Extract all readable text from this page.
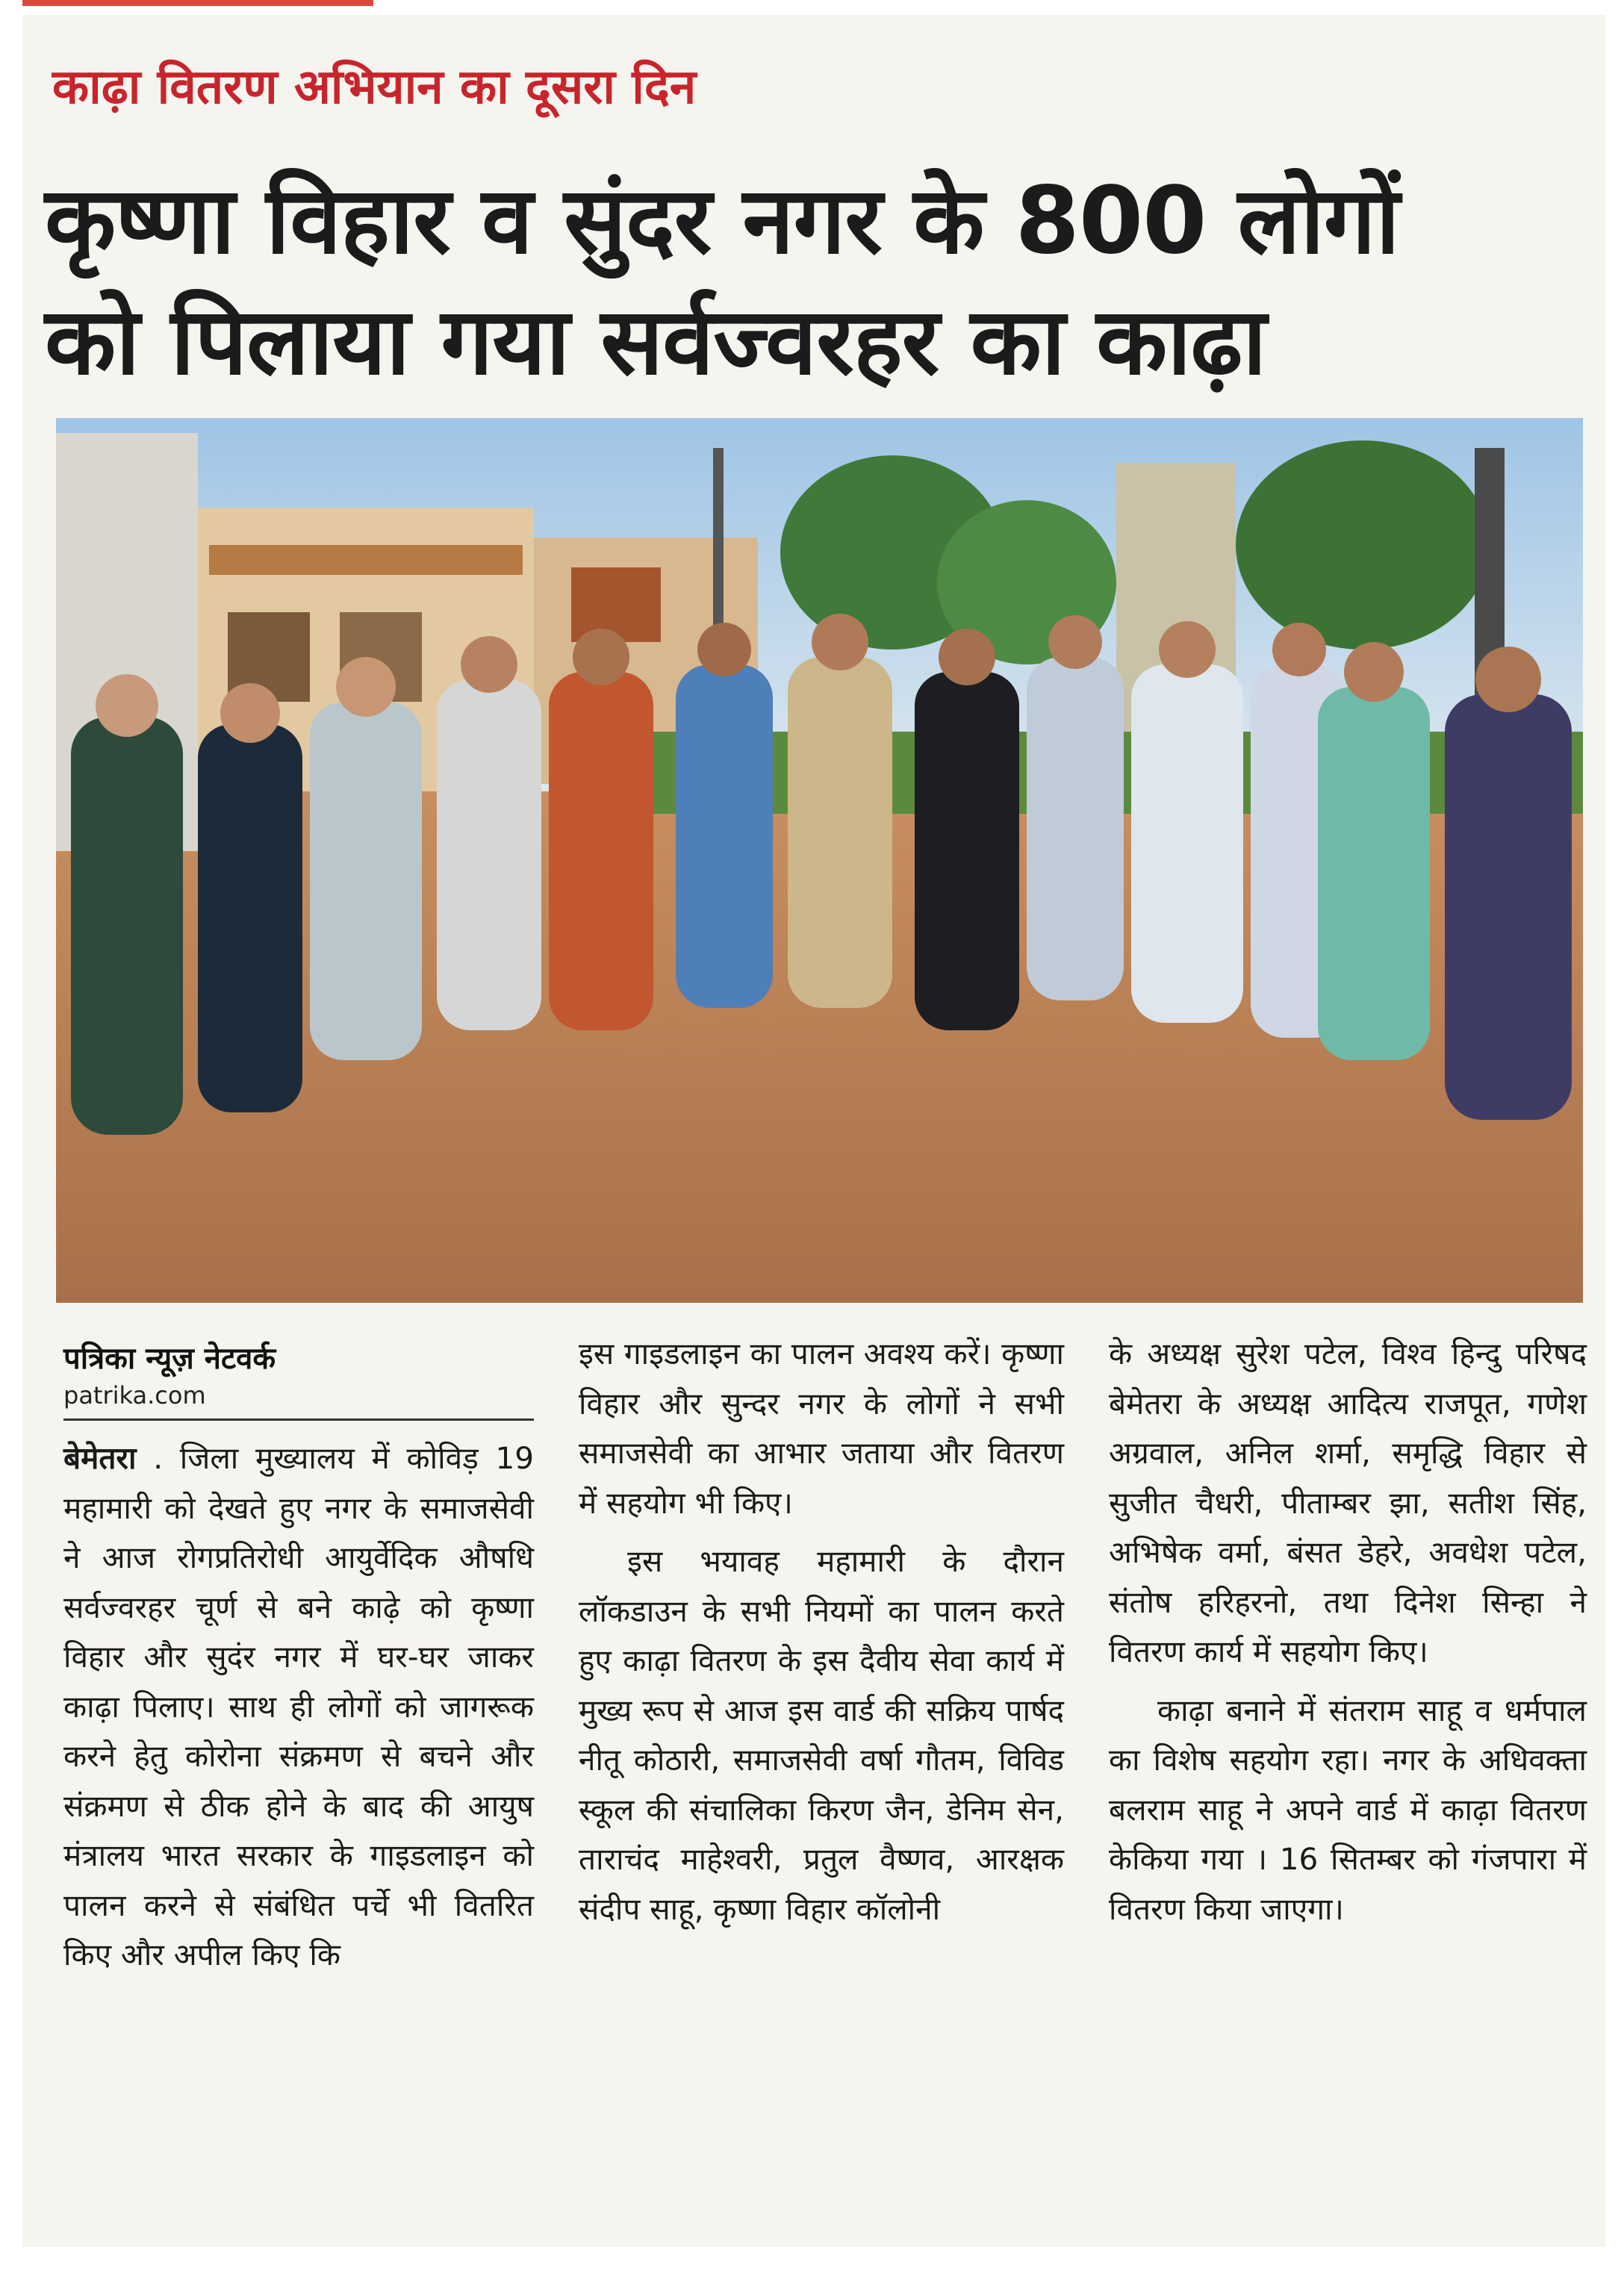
काढ़ा वितरण अभियान का दूसरा दिन
कृष्णा विहार व सुंदर नगर के 800 लोगों
को पिलाया गया सर्वज्वरहर का काढ़ा
पत्रिका न्यूज़ नेटवर्क
patrika.com

बेमेतरा . जिला मुख्यालय में कोविड़ 19 महामारी को देखते हुए नगर के समाजसेवी ने आज रोगप्रतिरोधी आयुर्वेदिक औषधि सर्वज्वरहर चूर्ण से बने काढ़े को कृष्णा विहार और सुदंर नगर में घर-घर जाकर काढ़ा पिलाए। साथ ही लोगों को जागरूक करने हेतु कोरोना संक्रमण से बचने और संक्रमण से ठीक होने के बाद की आयुष मंत्रालय भारत सरकार के गाइडलाइन को पालन करने से संबंधित पर्चे भी वितरित किए और अपील किए कि

इस गाइडलाइन का पालन अवश्य करें। कृष्णा विहार और सुन्दर नगर के लोगों ने सभी समाजसेवी का आभार जताया और वितरण में सहयोग भी किए।

इस भयावह महामारी के दौरान लॉकडाउन के सभी नियमों का पालन करते हुए काढ़ा वितरण के इस दैवीय सेवा कार्य में मुख्य रूप से आज इस वार्ड की सक्रिय पार्षद नीतू कोठारी, समाजसेवी वर्षा गौतम, विविड स्कूल की संचालिका किरण जैन, डेनिम सेन, ताराचंद माहेश्वरी, प्रतुल वैष्णव, आरक्षक संदीप साहू, कृष्णा विहार कॉलोनी

के अध्यक्ष सुरेश पटेल, विश्व हिन्दु परिषद बेमेतरा के अध्यक्ष आदित्य राजपूत, गणेश अग्रवाल, अनिल शर्मा, समृद्धि विहार से सुजीत चैधरी, पीताम्बर झा, सतीश सिंह, अभिषेक वर्मा, बंसत डेहरे, अवधेश पटेल, संतोष हरिहरनो, तथा दिनेश सिन्हा ने वितरण कार्य में सहयोग किए।

काढ़ा बनाने में संतराम साहू व धर्मपाल का विशेष सहयोग रहा। नगर के अधिवक्ता बलराम साहू ने अपने वार्ड में काढ़ा वितरण केकिया गया । 16 सितम्बर को गंजपारा में वितरण किया जाएगा।
